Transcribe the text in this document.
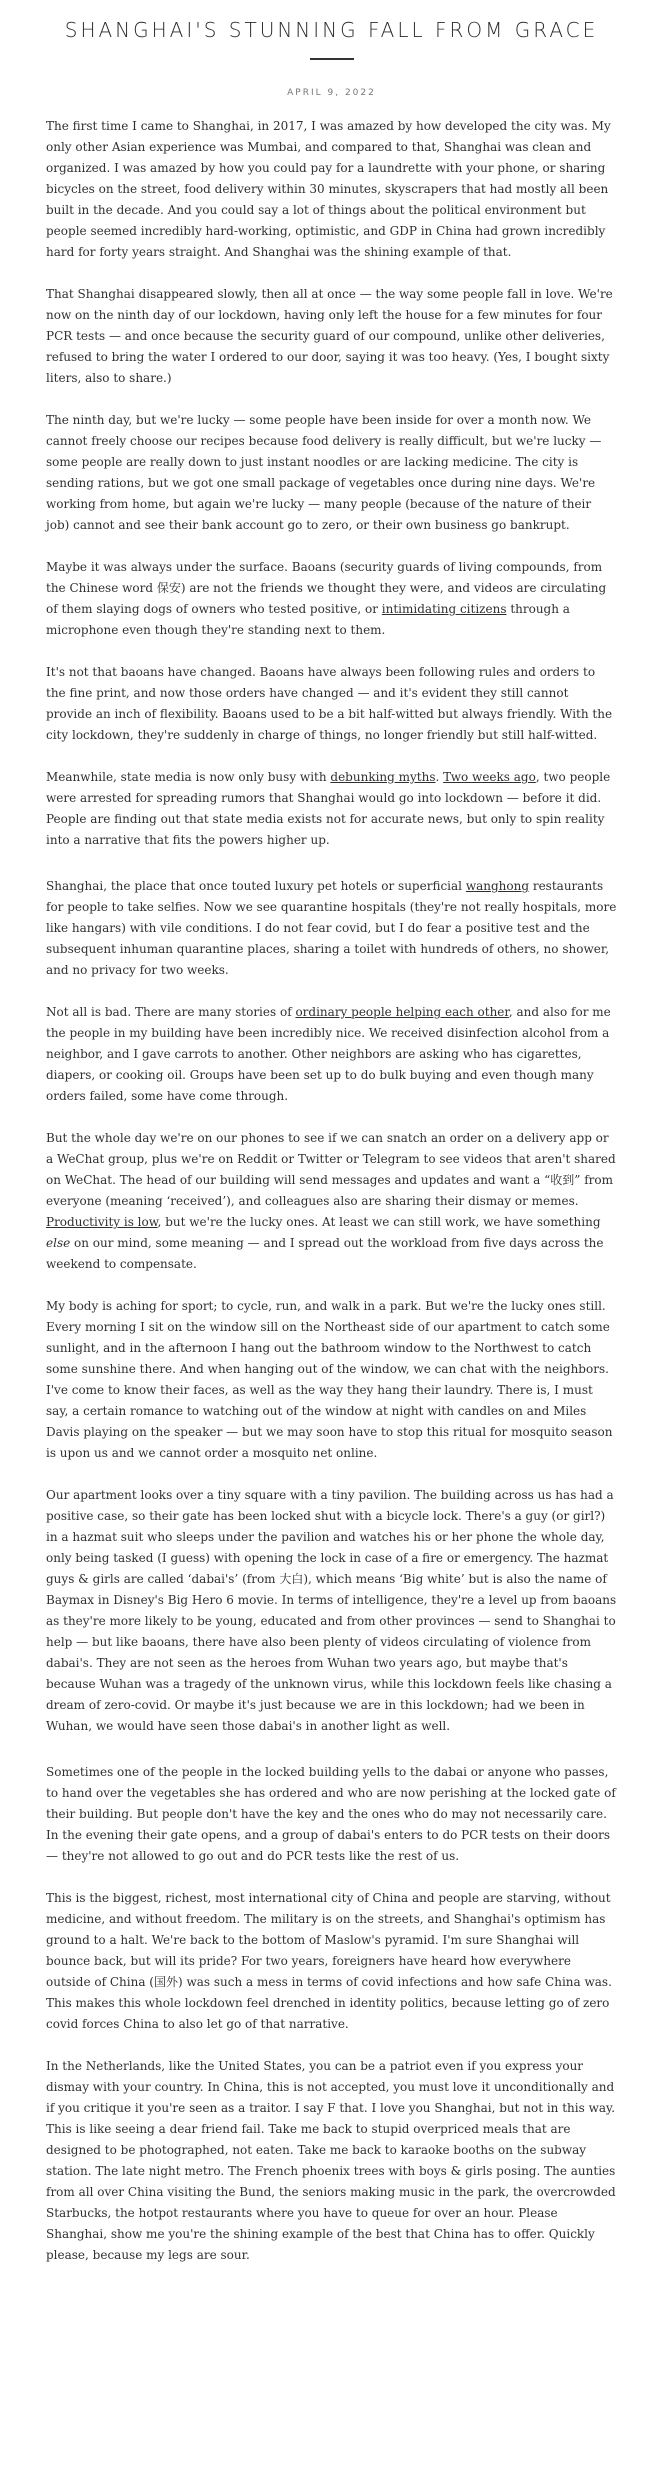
SHANGHAI'S STUNNING FALL FROM GRACE
APRIL 9, 2022

The first time I came to Shanghai, in 2017, I was amazed by how developed the city was. My only other Asian experience was Mumbai, and compared to that, Shanghai was clean and organized. I was amazed by how you could pay for a laundrette with your phone, or sharing bicycles on the street, food delivery within 30 minutes, skyscrapers that had mostly all been built in the decade. And you could say a lot of things about the political environment but people seemed incredibly hard-working, optimistic, and GDP in China had grown incredibly hard for forty years straight. And Shanghai was the shining example of that.

That Shanghai disappeared slowly, then all at once — the way some people fall in love. We're now on the ninth day of our lockdown, having only left the house for a few minutes for four PCR tests — and once because the security guard of our compound, unlike other deliveries, refused to bring the water I ordered to our door, saying it was too heavy. (Yes, I bought sixty liters, also to share.)

The ninth day, but we're lucky — some people have been inside for over a month now. We cannot freely choose our recipes because food delivery is really difficult, but we're lucky — some people are really down to just instant noodles or are lacking medicine. The city is sending rations, but we got one small package of vegetables once during nine days. We're working from home, but again we're lucky — many people (because of the nature of their job) cannot and see their bank account go to zero, or their own business go bankrupt.

Maybe it was always under the surface. Baoans (security guards of living compounds, from the Chinese word 保安) are not the friends we thought they were, and videos are circulating of them slaying dogs of owners who tested positive, or intimidating citizens through a microphone even though they're standing next to them.

It's not that baoans have changed. Baoans have always been following rules and orders to the fine print, and now those orders have changed — and it's evident they still cannot provide an inch of flexibility. Baoans used to be a bit half-witted but always friendly. With the city lockdown, they're suddenly in charge of things, no longer friendly but still half-witted.

Meanwhile, state media is now only busy with debunking myths. Two weeks ago, two people were arrested for spreading rumors that Shanghai would go into lockdown — before it did. People are finding out that state media exists not for accurate news, but only to spin reality into a narrative that fits the powers higher up.

Shanghai, the place that once touted luxury pet hotels or superficial wanghong restaurants for people to take selfies. Now we see quarantine hospitals (they're not really hospitals, more like hangars) with vile conditions. I do not fear covid, but I do fear a positive test and the subsequent inhuman quarantine places, sharing a toilet with hundreds of others, no shower, and no privacy for two weeks.

Not all is bad. There are many stories of ordinary people helping each other, and also for me the people in my building have been incredibly nice. We received disinfection alcohol from a neighbor, and I gave carrots to another. Other neighbors are asking who has cigarettes, diapers, or cooking oil. Groups have been set up to do bulk buying and even though many orders failed, some have come through.

But the whole day we're on our phones to see if we can snatch an order on a delivery app or a WeChat group, plus we're on Reddit or Twitter or Telegram to see videos that aren't shared on WeChat. The head of our building will send messages and updates and want a “收到” from everyone (meaning ‘received’), and colleagues also are sharing their dismay or memes. Productivity is low, but we're the lucky ones. At least we can still work, we have something else on our mind, some meaning — and I spread out the workload from five days across the weekend to compensate.

My body is aching for sport; to cycle, run, and walk in a park. But we're the lucky ones still. Every morning I sit on the window sill on the Northeast side of our apartment to catch some sunlight, and in the afternoon I hang out the bathroom window to the Northwest to catch some sunshine there. And when hanging out of the window, we can chat with the neighbors. I've come to know their faces, as well as the way they hang their laundry. There is, I must say, a certain romance to watching out of the window at night with candles on and Miles Davis playing on the speaker — but we may soon have to stop this ritual for mosquito season is upon us and we cannot order a mosquito net online.

Our apartment looks over a tiny square with a tiny pavilion. The building across us has had a positive case, so their gate has been locked shut with a bicycle lock. There's a guy (or girl?) in a hazmat suit who sleeps under the pavilion and watches his or her phone the whole day, only being tasked (I guess) with opening the lock in case of a fire or emergency. The hazmat guys & girls are called ‘dabai's’ (from 大白), which means ‘Big white’ but is also the name of Baymax in Disney's Big Hero 6 movie. In terms of intelligence, they're a level up from baoans as they're more likely to be young, educated and from other provinces — send to Shanghai to help — but like baoans, there have also been plenty of videos circulating of violence from dabai's. They are not seen as the heroes from Wuhan two years ago, but maybe that's because Wuhan was a tragedy of the unknown virus, while this lockdown feels like chasing a dream of zero-covid. Or maybe it's just because we are in this lockdown; had we been in Wuhan, we would have seen those dabai's in another light as well.

Sometimes one of the people in the locked building yells to the dabai or anyone who passes, to hand over the vegetables she has ordered and who are now perishing at the locked gate of their building. But people don't have the key and the ones who do may not necessarily care. In the evening their gate opens, and a group of dabai's enters to do PCR tests on their doors — they're not allowed to go out and do PCR tests like the rest of us.

This is the biggest, richest, most international city of China and people are starving, without medicine, and without freedom. The military is on the streets, and Shanghai's optimism has ground to a halt. We're back to the bottom of Maslow's pyramid. I'm sure Shanghai will bounce back, but will its pride? For two years, foreigners have heard how everywhere outside of China (国外) was such a mess in terms of covid infections and how safe China was. This makes this whole lockdown feel drenched in identity politics, because letting go of zero covid forces China to also let go of that narrative.

In the Netherlands, like the United States, you can be a patriot even if you express your dismay with your country. In China, this is not accepted, you must love it unconditionally and if you critique it you're seen as a traitor. I say F that. I love you Shanghai, but not in this way. This is like seeing a dear friend fail. Take me back to stupid overpriced meals that are designed to be photographed, not eaten. Take me back to karaoke booths on the subway station. The late night metro. The French phoenix trees with boys & girls posing. The aunties from all over China visiting the Bund, the seniors making music in the park, the overcrowded Starbucks, the hotpot restaurants where you have to queue for over an hour. Please Shanghai, show me you're the shining example of the best that China has to offer. Quickly please, because my legs are sour.
